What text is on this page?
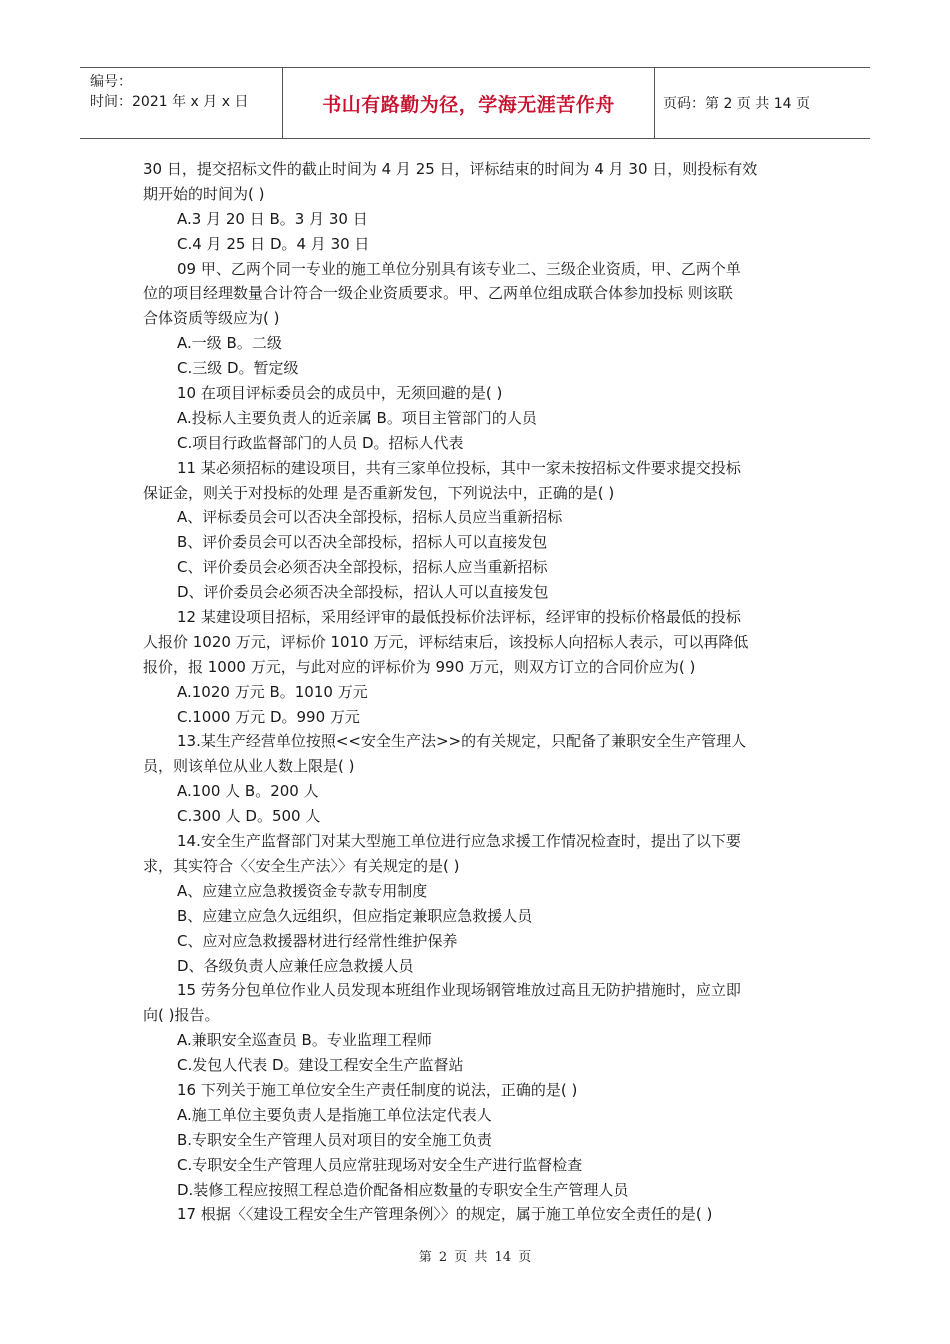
编号：
时间：2021 年 x 月 x 日	书山有路勤为径，学海无涯苦作舟	页码：第 2 页 共 14 页
30 日，提交招标文件的截止时间为 4 月 25 日，评标结束的时间为 4 月 30 日，则投标有效
期开始的时间为( )
A.3 月 20 日 B。3 月 30 日
C.4 月 25 日 D。4 月 30 日
09 甲、乙两个同一专业的施工单位分别具有该专业二、三级企业资质，甲、乙两个单
位的项目经理数量合计符合一级企业资质要求。甲、乙两单位组成联合体参加投标 则该联
合体资质等级应为( )
A.一级 B。二级
C.三级 D。暂定级
10 在项目评标委员会的成员中，无须回避的是( )
A.投标人主要负责人的近亲属 B。项目主管部门的人员
C.项目行政监督部门的人员 D。招标人代表
11 某必须招标的建设项目，共有三家单位投标，其中一家未按招标文件要求提交投标
保证金，则关于对投标的处理 是否重新发包，下列说法中，正确的是( )
A、评标委员会可以否决全部投标，招标人员应当重新招标
B、评价委员会可以否决全部投标，招标人可以直接发包
C、评价委员会必须否决全部投标，招标人应当重新招标
D、评价委员会必须否决全部投标，招认人可以直接发包
12 某建设项目招标，采用经评审的最低投标价法评标，经评审的投标价格最低的投标
人报价 1020 万元，评标价 1010 万元，评标结束后，该投标人向招标人表示，可以再降低
报价，报 1000 万元，与此对应的评标价为 990 万元，则双方订立的合同价应为( )
A.1020 万元 B。1010 万元
C.1000 万元 D。990 万元
13.某生产经营单位按照<<安全生产法>>的有关规定，只配备了兼职安全生产管理人
员，则该单位从业人数上限是( )
A.100 人 B。200 人
C.300 人 D。500 人
14.安全生产监督部门对某大型施工单位进行应急求援工作情况检查时，提出了以下要
求，其实符合〈〈安全生产法〉〉有关规定的是( )
A、应建立应急救援资金专款专用制度
B、应建立应急久远组织，但应指定兼职应急救援人员
C、应对应急救援器材进行经常性维护保养
D、各级负责人应兼任应急救援人员
15 劳务分包单位作业人员发现本班组作业现场钢管堆放过高且无防护措施时，应立即
向( )报告。
A.兼职安全巡查员 B。专业监理工程师
C.发包人代表 D。建设工程安全生产监督站
16 下列关于施工单位安全生产责任制度的说法，正确的是( )
A.施工单位主要负责人是指施工单位法定代表人
B.专职安全生产管理人员对项目的安全施工负责
C.专职安全生产管理人员应常驻现场对安全生产进行监督检查
D.装修工程应按照工程总造价配备相应数量的专职安全生产管理人员
17 根据〈〈建设工程安全生产管理条例〉〉的规定，属于施工单位安全责任的是( )
第 2 页 共 14 页
